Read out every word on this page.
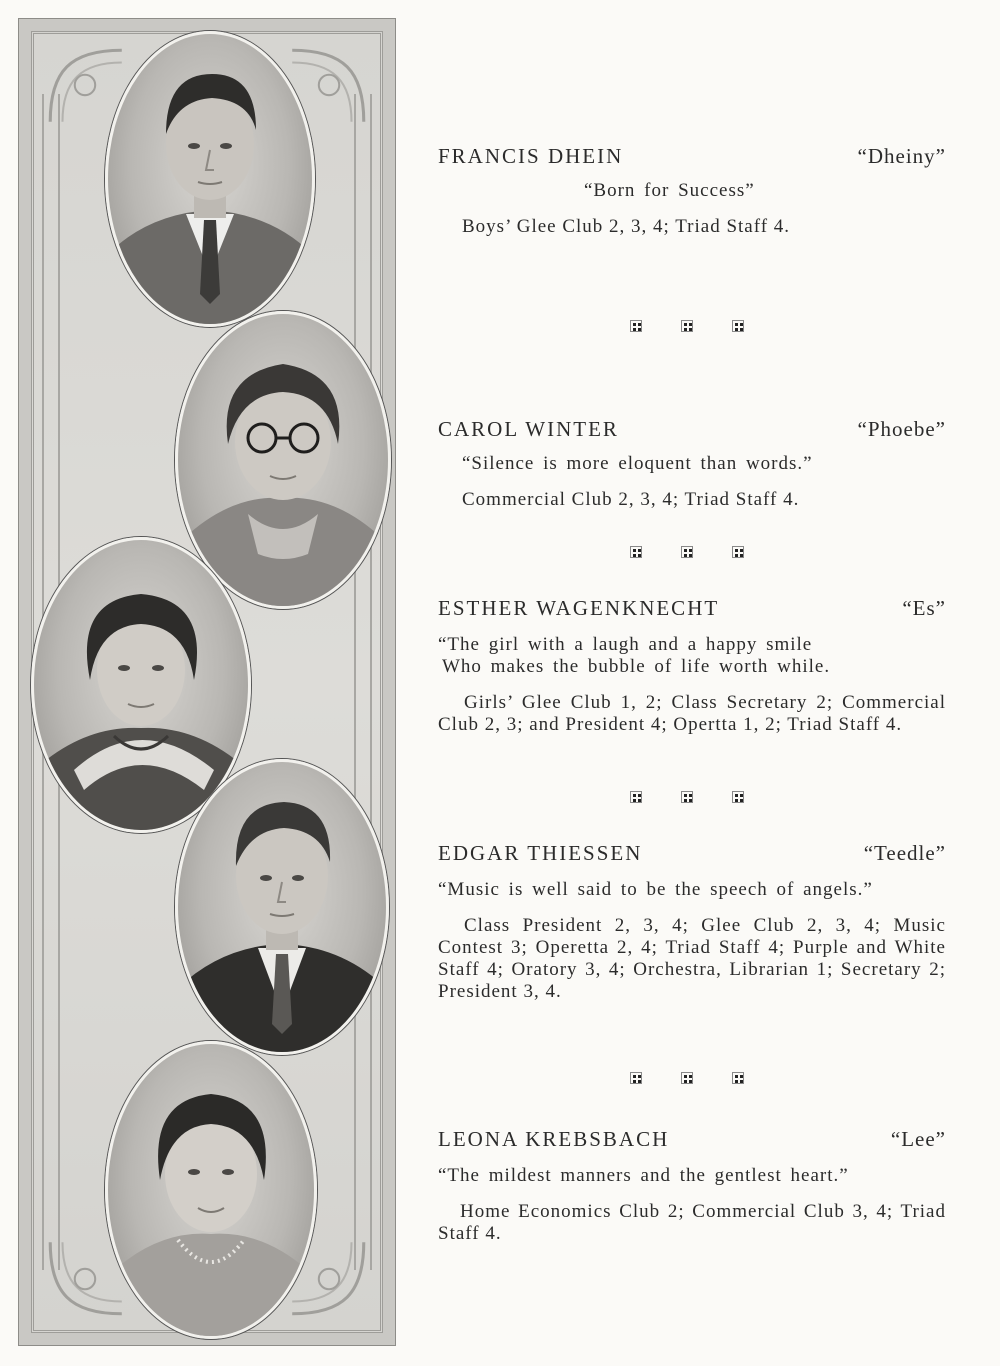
FRANCIS DHEIN	“Dheiny”
“Born for Success”
Boys’ Glee Club 2, 3, 4; Triad Staff 4.
CAROL WINTER	“Phoebe”
“Silence is more eloquent than words.”
Commercial Club 2, 3, 4; Triad Staff 4.
ESTHER WAGENKNECHT	“Es”
“The girl with a laugh and a happy smile
Who makes the bubble of life worth while.
Girls’ Glee Club 1, 2; Class Secretary 2; Commercial Club 2, 3; and President 4; Opertta 1, 2; Triad Staff 4.
EDGAR THIESSEN	“Teedle”
“Music is well said to be the speech of angels.”
Class President 2, 3, 4; Glee Club 2, 3, 4; Music Contest 3; Operetta 2, 4; Triad Staff 4; Purple and White Staff 4; Oratory 3, 4; Orchestra, Librarian 1; Secretary 2; President 3, 4.
LEONA KREBSBACH	“Lee”
“The mildest manners and the gentlest heart.”
Home Economics Club 2; Commercial Club 3, 4; Triad Staff 4.
